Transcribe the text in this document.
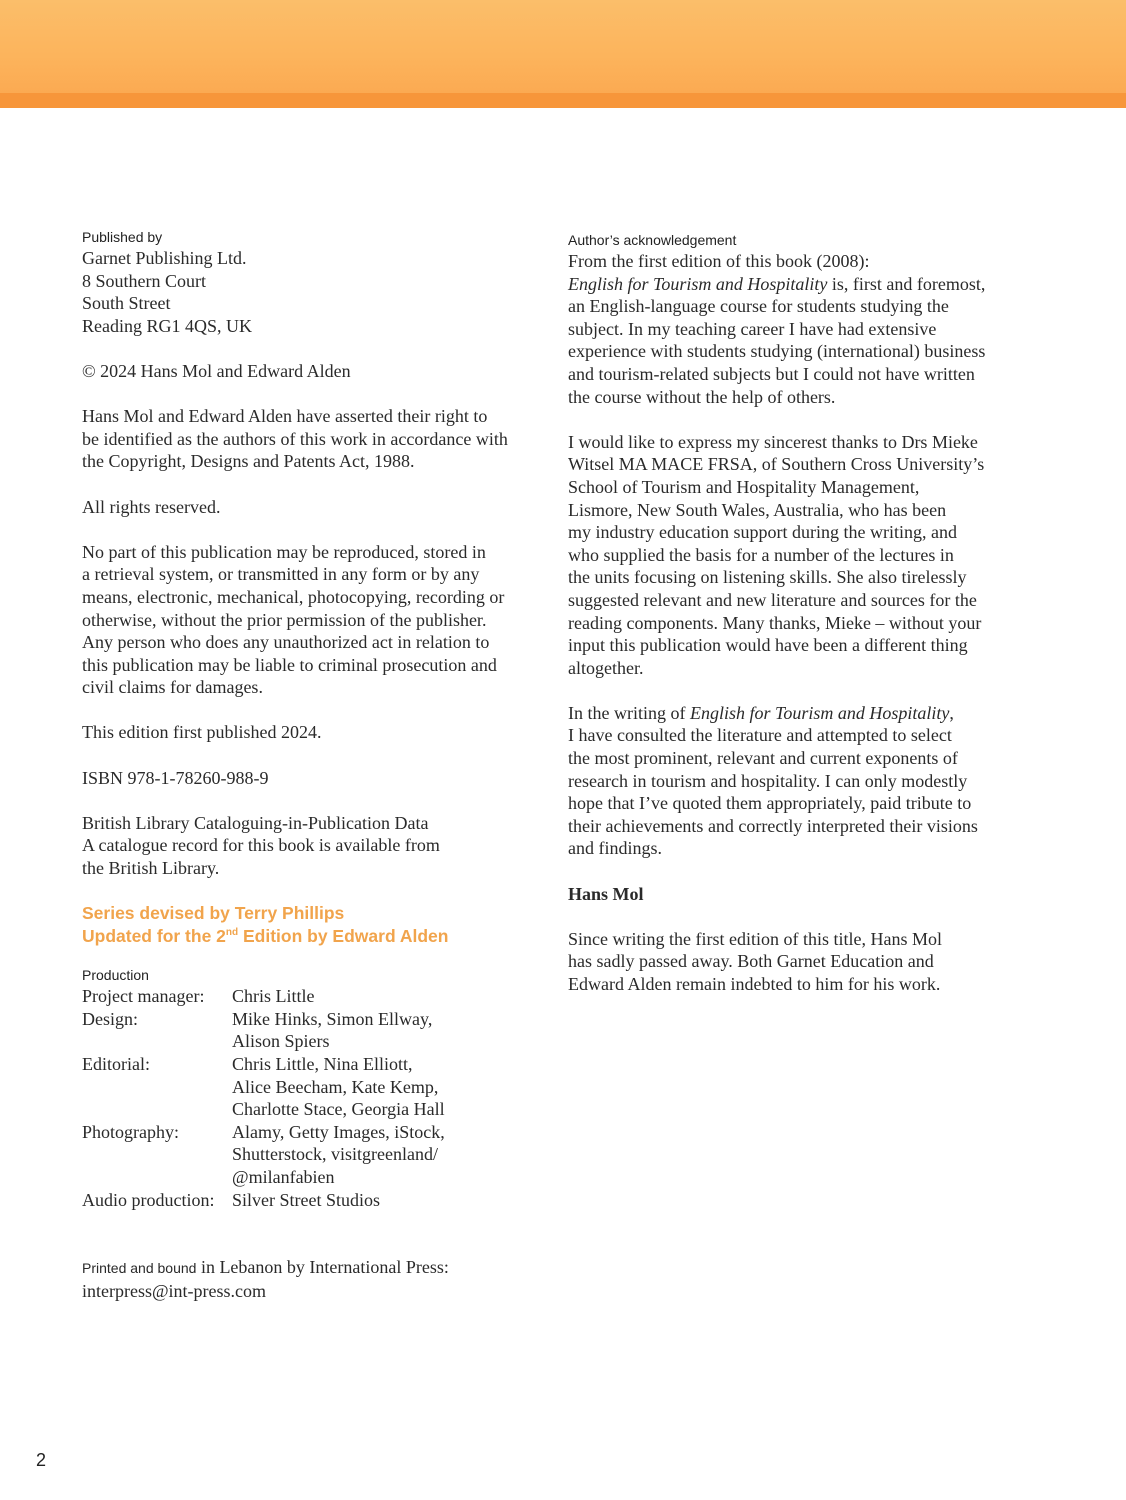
Published by
Garnet Publishing Ltd.
8 Southern Court
South Street
Reading RG1 4QS, UK
© 2024 Hans Mol and Edward Alden
Hans Mol and Edward Alden have asserted their right to
be identified as the authors of this work in accordance with
the Copyright, Designs and Patents Act, 1988.
All rights reserved.
No part of this publication may be reproduced, stored in
a retrieval system, or transmitted in any form or by any
means, electronic, mechanical, photocopying, recording or
otherwise, without the prior permission of the publisher.
Any person who does any unauthorized act in relation to
this publication may be liable to criminal prosecution and
civil claims for damages.
This edition first published 2024.
ISBN 978-1-78260-988-9
British Library Cataloguing-in-Publication Data
A catalogue record for this book is available from
the British Library.
Series devised by Terry Phillips
Updated for the 2nd Edition by Edward Alden
Production
Project manager:	Chris Little
Design:	Mike Hinks, Simon Ellway,
Alison Spiers
Editorial:	Chris Little, Nina Elliott,
Alice Beecham, Kate Kemp,
Charlotte Stace, Georgia Hall
Photography:	Alamy, Getty Images, iStock,
Shutterstock, visitgreenland/
@milanfabien
Audio production: Silver Street Studios
Printed and bound in Lebanon by International Press:
interpress@int-press.com
Author’s acknowledgement
From the first edition of this book (2008):
English for Tourism and Hospitality is, first and foremost,
an English-language course for students studying the
subject. In my teaching career I have had extensive
experience with students studying (international) business
and tourism-related subjects but I could not have written
the course without the help of others.
I would like to express my sincerest thanks to Drs Mieke
Witsel MA MACE FRSA, of Southern Cross University’s
School of Tourism and Hospitality Management,
Lismore, New South Wales, Australia, who has been
my industry education support during the writing, and
who supplied the basis for a number of the lectures in
the units focusing on listening skills. She also tirelessly
suggested relevant and new literature and sources for the
reading components. Many thanks, Mieke – without your
input this publication would have been a different thing
altogether.
In the writing of English for Tourism and Hospitality,
I have consulted the literature and attempted to select
the most prominent, relevant and current exponents of
research in tourism and hospitality. I can only modestly
hope that I’ve quoted them appropriately, paid tribute to
their achievements and correctly interpreted their visions
and findings.
Hans Mol
Since writing the first edition of this title, Hans Mol
has sadly passed away. Both Garnet Education and
Edward Alden remain indebted to him for his work.
2
